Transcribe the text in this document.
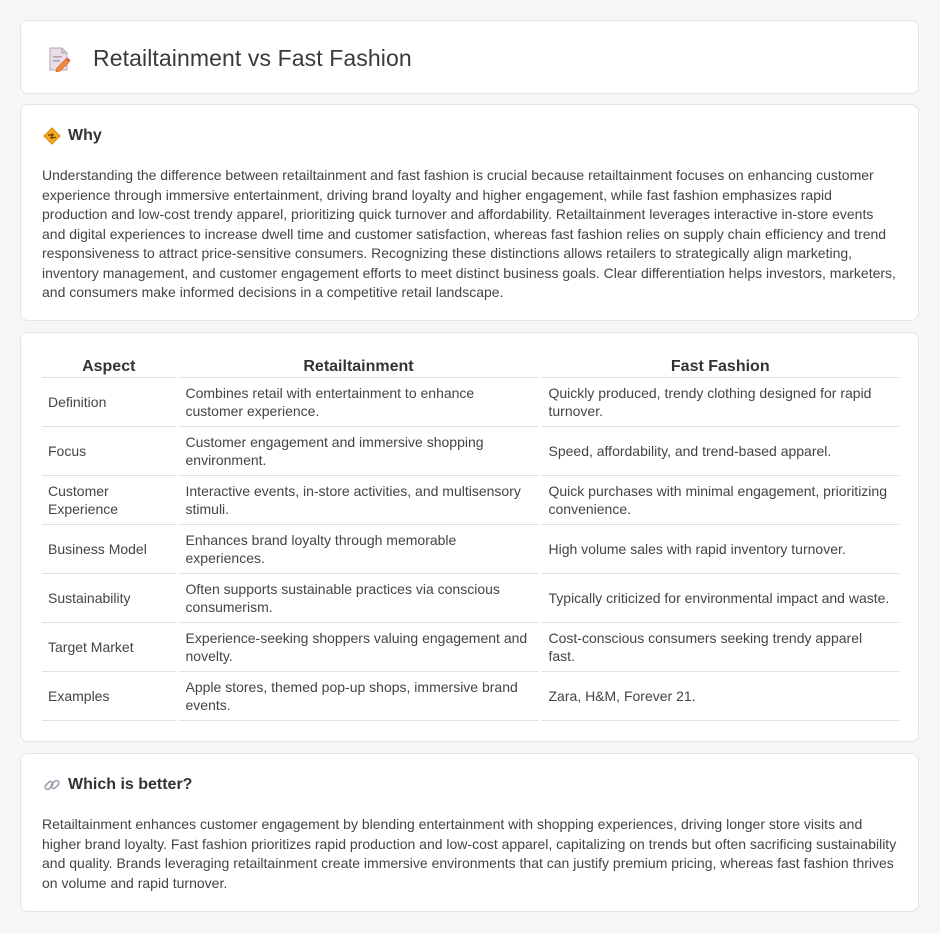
Retailtainment vs Fast Fashion
Why

Understanding the difference between retailtainment and fast fashion is crucial because retailtainment focuses on enhancing customer experience through immersive entertainment, driving brand loyalty and higher engagement, while fast fashion emphasizes rapid production and low-cost trendy apparel, prioritizing quick turnover and affordability. Retailtainment leverages interactive in-store events and digital experiences to increase dwell time and customer satisfaction, whereas fast fashion relies on supply chain efficiency and trend responsiveness to attract price-sensitive consumers. Recognizing these distinctions allows retailers to strategically align marketing, inventory management, and customer engagement efforts to meet distinct business goals. Clear differentiation helps investors, marketers, and consumers make informed decisions in a competitive retail landscape.

Aspect	Retailtainment	Fast Fashion
Definition	Combines retail with entertainment to enhance customer experience.	Quickly produced, trendy clothing designed for rapid turnover.
Focus	Customer engagement and immersive shopping environment.	Speed, affordability, and trend-based apparel.
Customer Experience	Interactive events, in-store activities, and multisensory stimuli.	Quick purchases with minimal engagement, prioritizing convenience.
Business Model	Enhances brand loyalty through memorable experiences.	High volume sales with rapid inventory turnover.
Sustainability	Often supports sustainable practices via conscious consumerism.	Typically criticized for environmental impact and waste.
Target Market	Experience-seeking shoppers valuing engagement and novelty.	Cost-conscious consumers seeking trendy apparel fast.
Examples	Apple stores, themed pop-up shops, immersive brand events.	Zara, H&M, Forever 21.
Which is better?

Retailtainment enhances customer engagement by blending entertainment with shopping experiences, driving longer store visits and higher brand loyalty. Fast fashion prioritizes rapid production and low-cost apparel, capitalizing on trends but often sacrificing sustainability and quality. Brands leveraging retailtainment create immersive environments that can justify premium pricing, whereas fast fashion thrives on volume and rapid turnover.
